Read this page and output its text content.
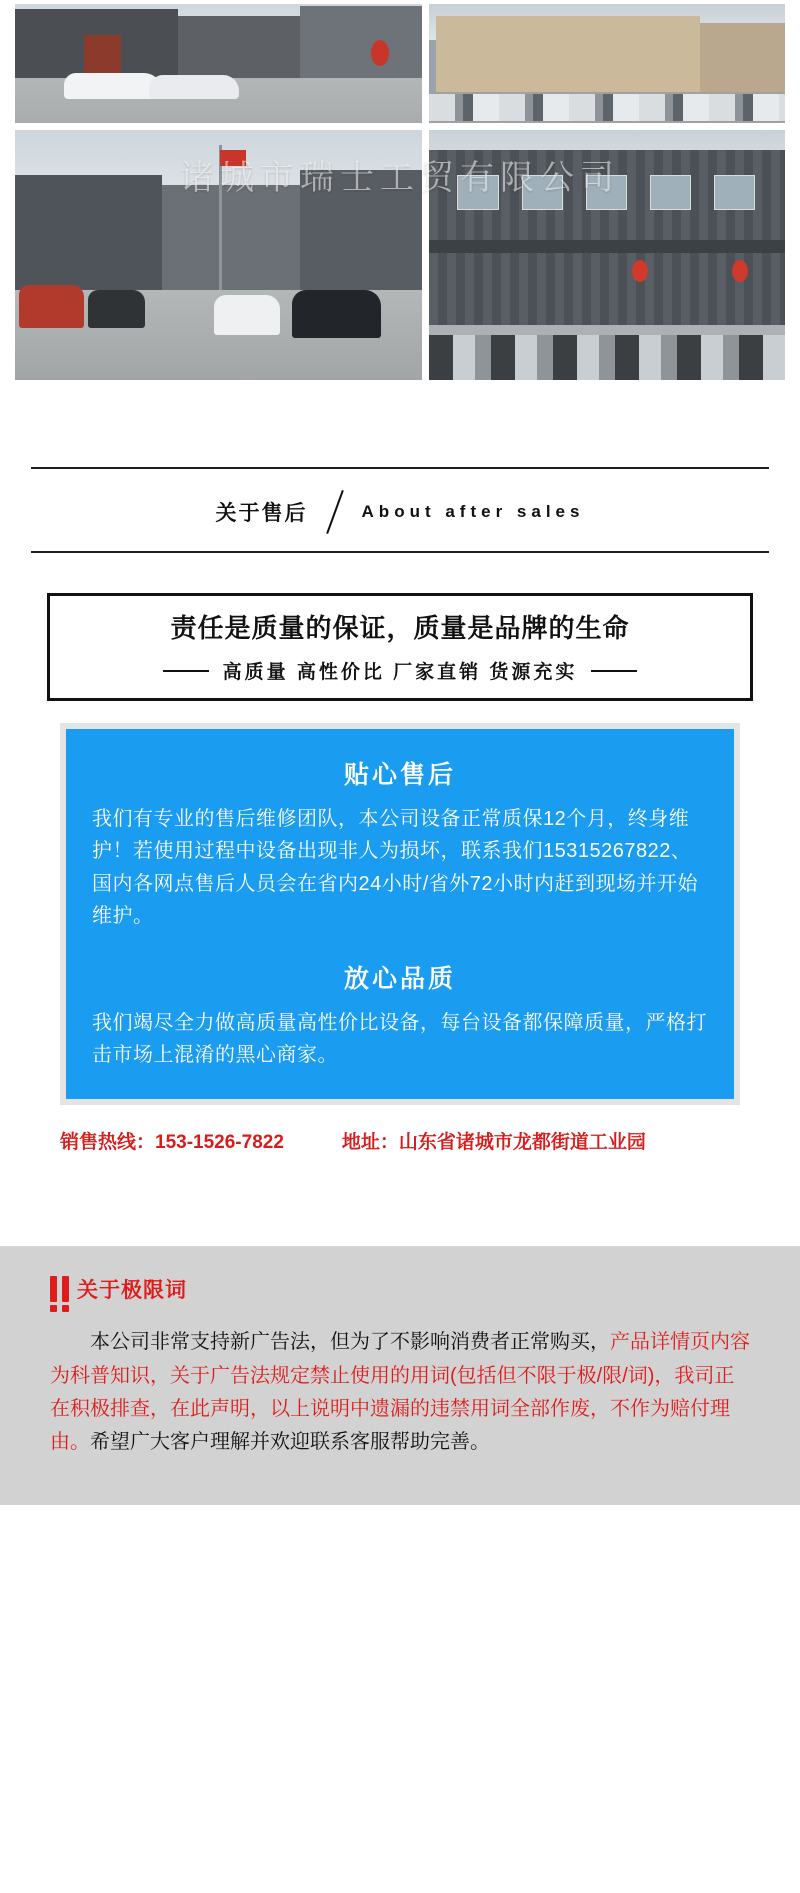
诸城市瑞士工贸有限公司
关于售后	About after sales
责任是质量的保证，质量是品牌的生命
高质量 高性价比 厂家直销 货源充实
贴心售后
我们有专业的售后维修团队，本公司设备正常质保12个月，终身维护！若使用过程中设备出现非人为损坏，联系我们15315267822、国内各网点售后人员会在省内24小时/省外72小时内赶到现场并开始维护。
放心品质
我们竭尽全力做高质量高性价比设备，每台设备都保障质量，严格打击市场上混淆的黑心商家。
销售热线：153-1526-7822	地址：山东省诸城市龙都街道工业园
关于极限词
本公司非常支持新广告法，但为了不影响消费者正常购买，产品详情页内容为科普知识，关于广告法规定禁止使用的用词(包括但不限于极/限/词)，我司正在积极排查，在此声明，以上说明中遗漏的违禁用词全部作废，不作为赔付理由。希望广大客户理解并欢迎联系客服帮助完善。
